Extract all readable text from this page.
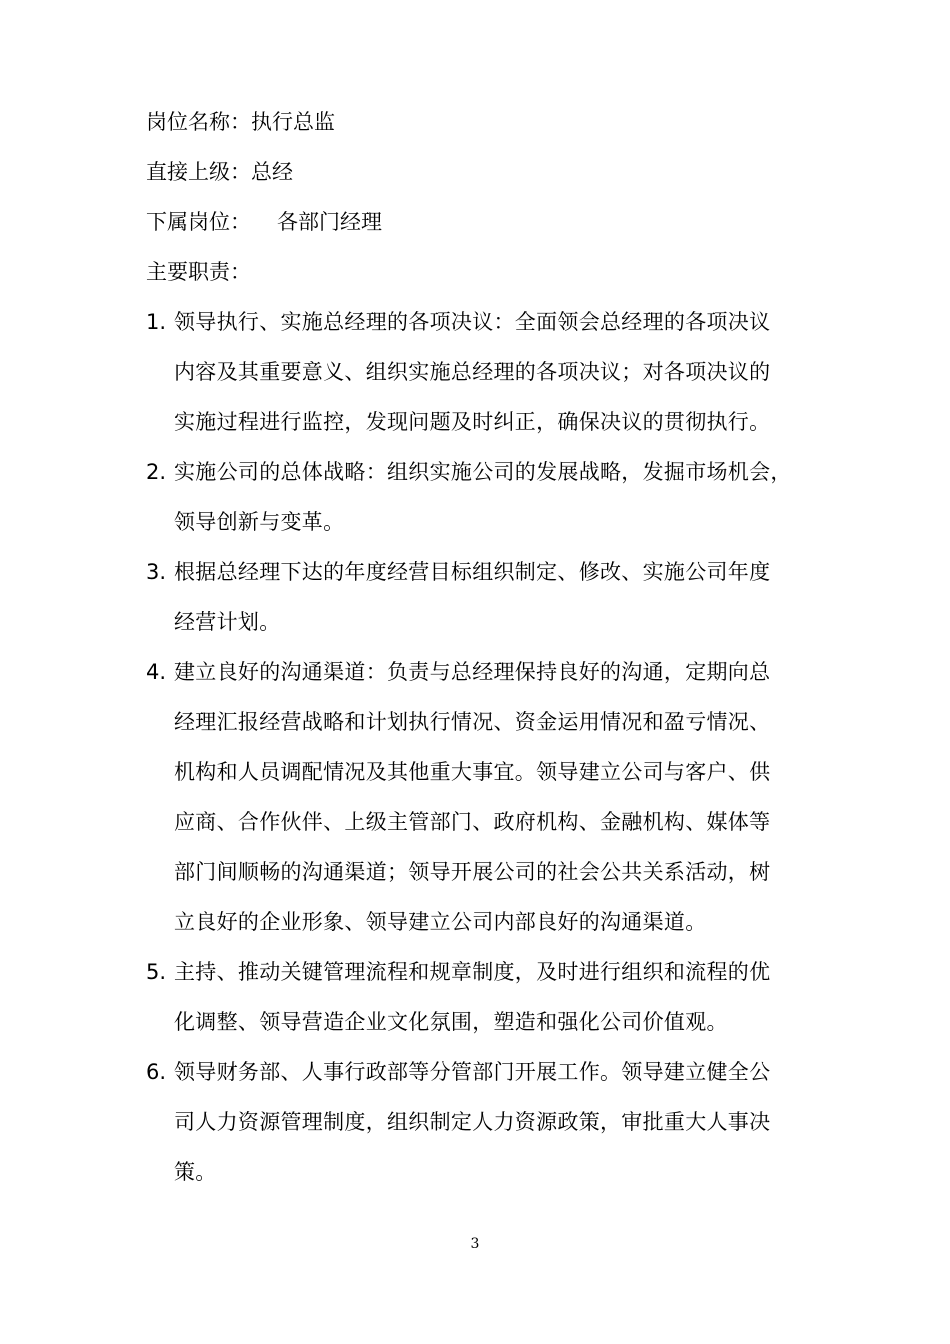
岗位名称：执行总监
直接上级：总经
下属岗位： 各部门经理
主要职责：
1. 领导执行、实施总经理的各项决议：全面领会总经理的各项决议
内容及其重要意义、组织实施总经理的各项决议；对各项决议的
实施过程进行监控，发现问题及时纠正，确保决议的贯彻执行。
2. 实施公司的总体战略：组织实施公司的发展战略，发掘市场机会，
领导创新与变革。
3. 根据总经理下达的年度经营目标组织制定、修改、实施公司年度
经营计划。
4. 建立良好的沟通渠道：负责与总经理保持良好的沟通，定期向总
经理汇报经营战略和计划执行情况、资金运用情况和盈亏情况、
机构和人员调配情况及其他重大事宜。领导建立公司与客户、供
应商、合作伙伴、上级主管部门、政府机构、金融机构、媒体等
部门间顺畅的沟通渠道；领导开展公司的社会公共关系活动，树
立良好的企业形象、领导建立公司内部良好的沟通渠道。
5. 主持、推动关键管理流程和规章制度，及时进行组织和流程的优
化调整、领导营造企业文化氛围，塑造和强化公司价值观。
6. 领导财务部、人事行政部等分管部门开展工作。领导建立健全公
司人力资源管理制度，组织制定人力资源政策，审批重大人事决
策。
3
